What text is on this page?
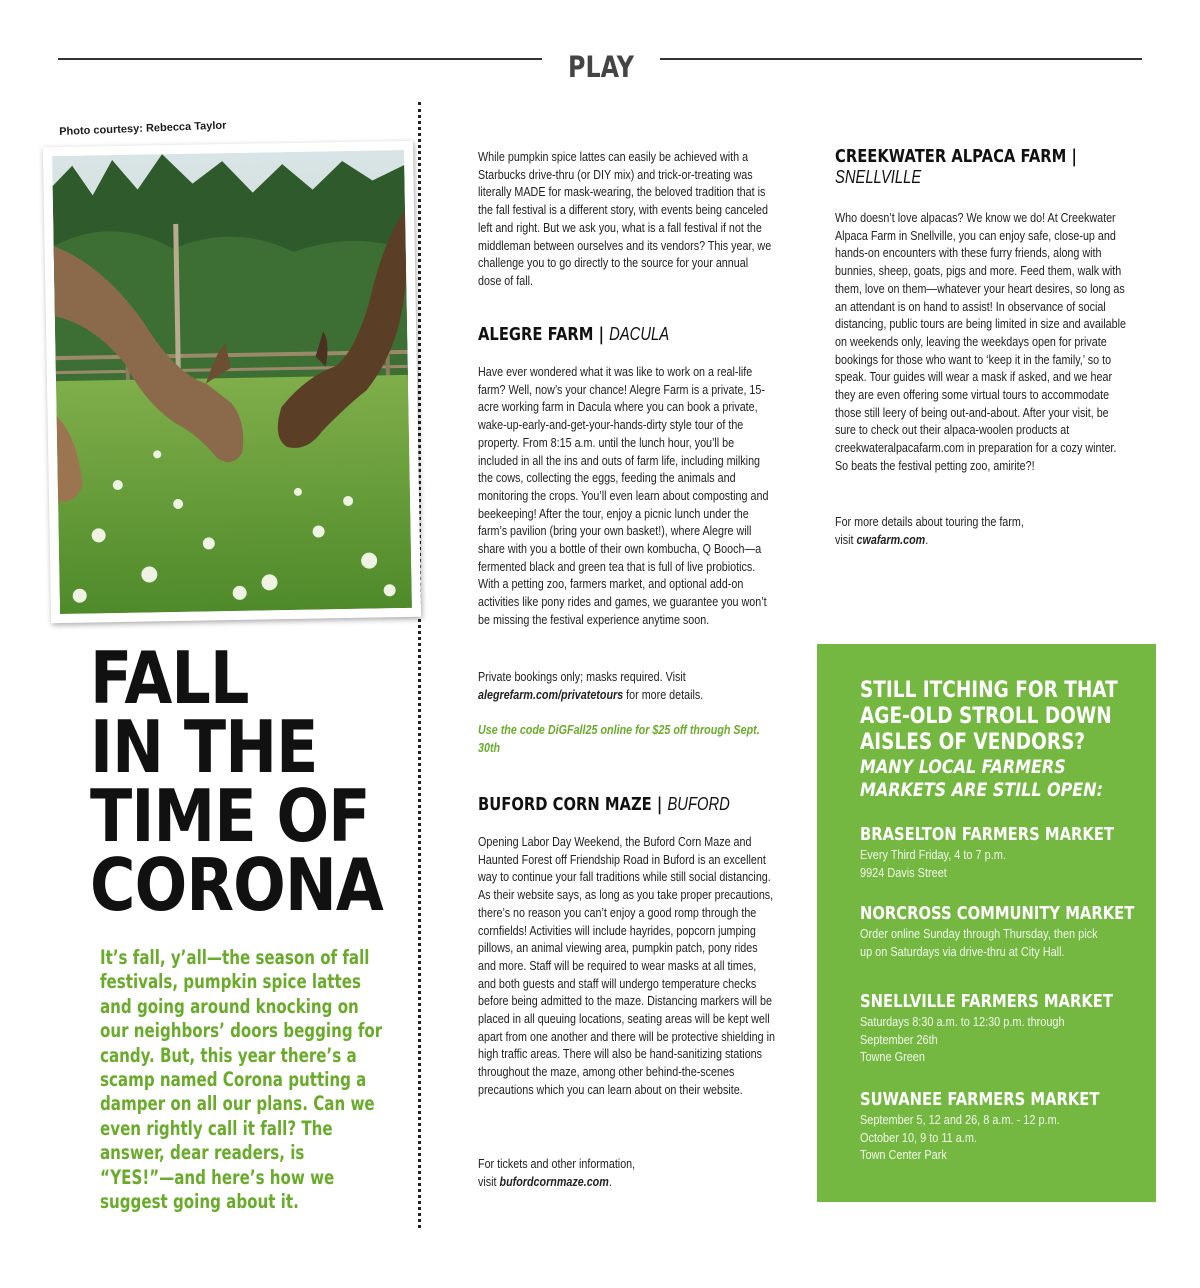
PLAY
Photo courtesy: Rebecca Taylor
FALL
IN THE
TIME OF
CORONA
It’s fall, y’all—the season of fall festivals, pumpkin spice lattes and going around knocking on our neighbors’ doors begging for candy. But, this year there’s a scamp named Corona putting a damper on all our plans. Can we even rightly call it fall? The answer, dear readers, is “YES!”—and here’s how we suggest going about it.

While pumpkin spice lattes can easily be achieved with a Starbucks drive-thru (or DIY mix) and trick-or-treating was literally MADE for mask-wearing, the beloved tradition that is the fall festival is a different story, with events being canceled left and right. But we ask you, what is a fall festival if not the middleman between ourselves and its vendors? This year, we challenge you to go directly to the source for your annual dose of fall.

ALEGRE FARM | DACULA

Have ever wondered what it was like to work on a real-life farm? Well, now’s your chance! Alegre Farm is a private, 15-acre working farm in Dacula where you can book a private, wake-up-early-and-get-your-hands-dirty style tour of the property. From 8:15 a.m. until the lunch hour, you’ll be included in all the ins and outs of farm life, including milking the cows, collecting the eggs, feeding the animals and monitoring the crops. You’ll even learn about composting and beekeeping! After the tour, enjoy a picnic lunch under the farm’s pavilion (bring your own basket!), where Alegre will share with you a bottle of their own kombucha, Q Booch—a fermented black and green tea that is full of live probiotics. With a petting zoo, farmers market, and optional add-on activities like pony rides and games, we guarantee you won’t be missing the festival experience anytime soon.

Private bookings only; masks required. Visit
alegrefarm.com/privatetours for more details.

Use the code DiGFall25 online for $25 off through Sept. 30th

BUFORD CORN MAZE | BUFORD

Opening Labor Day Weekend, the Buford Corn Maze and Haunted Forest off Friendship Road in Buford is an excellent way to continue your fall traditions while still social distancing. As their website says, as long as you take proper precautions, there’s no reason you can’t enjoy a good romp through the cornfields! Activities will include hayrides, popcorn jumping pillows, an animal viewing area, pumpkin patch, pony rides and more. Staff will be required to wear masks at all times, and both guests and staff will undergo temperature checks before being admitted to the maze. Distancing markers will be placed in all queuing locations, seating areas will be kept well apart from one another and there will be protective shielding in high traffic areas. There will also be hand-sanitizing stations throughout the maze, among other behind-the-scenes precautions which you can learn about on their website.

For tickets and other information,
visit bufordcornmaze.com.

CREEKWATER ALPACA FARM |
SNELLVILLE

Who doesn’t love alpacas? We know we do! At Creekwater Alpaca Farm in Snellville, you can enjoy safe, close-up and hands-on encounters with these furry friends, along with bunnies, sheep, goats, pigs and more. Feed them, walk with them, love on them—whatever your heart desires, so long as an attendant is on hand to assist! In observance of social distancing, public tours are being limited in size and available on weekends only, leaving the weekdays open for private bookings for those who want to ‘keep it in the family,’ so to speak. Tour guides will wear a mask if asked, and we hear they are even offering some virtual tours to accommodate those still leery of being out-and-about. After your visit, be sure to check out their alpaca-woolen products at creekwateralpacafarm.com in preparation for a cozy winter. So beats the festival petting zoo, amirite?!

For more details about touring the farm,
visit cwafarm.com.

STILL ITCHING FOR THAT AGE-OLD STROLL DOWN AISLES OF VENDORS?
MANY LOCAL FARMERS MARKETS ARE STILL OPEN:
BRASELTON FARMERS MARKET
Every Third Friday, 4 to 7 p.m.
9924 Davis Street
NORCROSS COMMUNITY MARKET
Order online Sunday through Thursday, then pick
up on Saturdays via drive-thru at City Hall.
SNELLVILLE FARMERS MARKET
Saturdays 8:30 a.m. to 12:30 p.m. through
September 26th
Towne Green
SUWANEE FARMERS MARKET
September 5, 12 and 26, 8 a.m. - 12 p.m.
October 10, 9 to 11 a.m.
Town Center Park
